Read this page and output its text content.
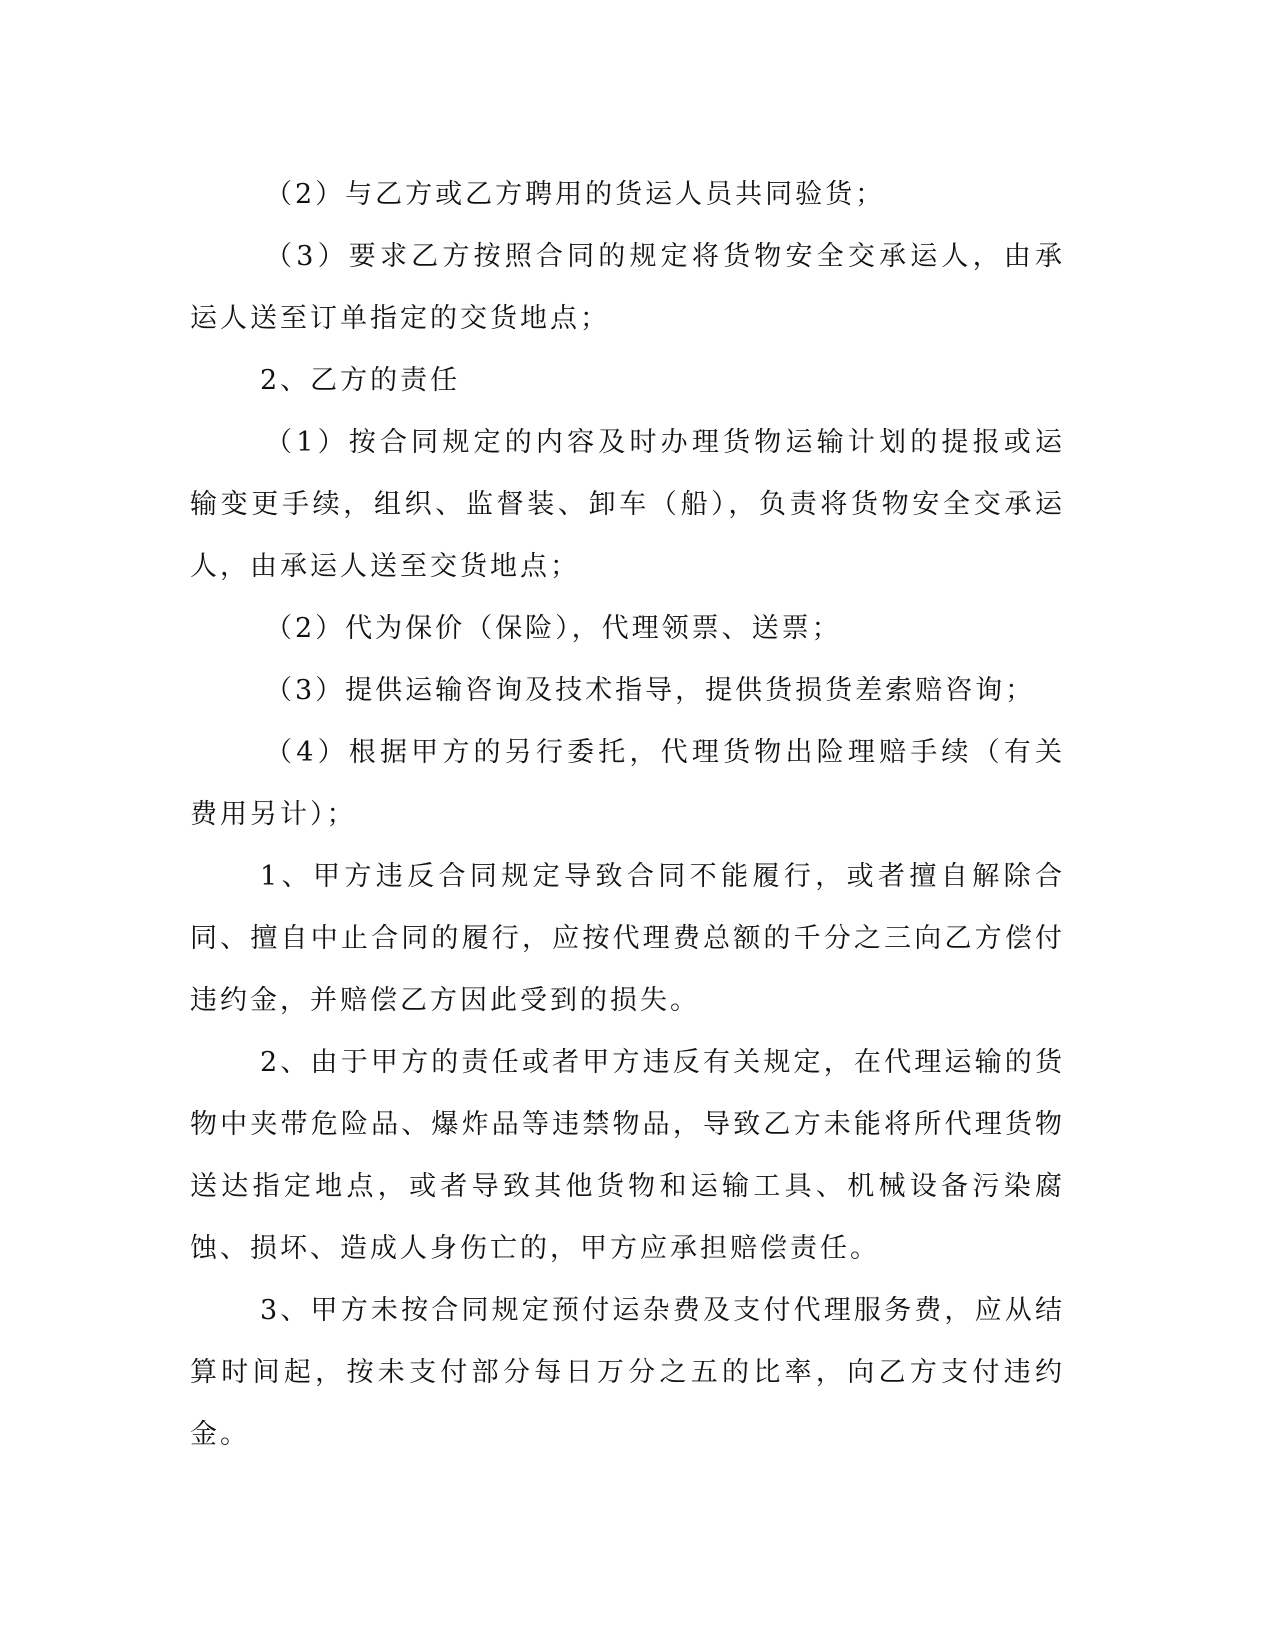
（2）与乙方或乙方聘用的货运人员共同验货；

（3）要求乙方按照合同的规定将货物安全交承运人，由承运人送至订单指定的交货地点；

2、乙方的责任

（1）按合同规定的内容及时办理货物运输计划的提报或运输变更手续，组织、监督装、卸车（船），负责将货物安全交承运人，由承运人送至交货地点；

（2）代为保价（保险），代理领票、送票；

（3）提供运输咨询及技术指导，提供货损货差索赔咨询；

（4）根据甲方的另行委托，代理货物出险理赔手续（有关费用另计）；

1、甲方违反合同规定导致合同不能履行，或者擅自解除合同、擅自中止合同的履行，应按代理费总额的千分之三向乙方偿付违约金，并赔偿乙方因此受到的损失。

2、由于甲方的责任或者甲方违反有关规定，在代理运输的货物中夹带危险品、爆炸品等违禁物品，导致乙方未能将所代理货物送达指定地点，或者导致其他货物和运输工具、机械设备污染腐蚀、损坏、造成人身伤亡的，甲方应承担赔偿责任。

3、甲方未按合同规定预付运杂费及支付代理服务费，应从结算时间起，按未支付部分每日万分之五的比率，向乙方支付违约金。
